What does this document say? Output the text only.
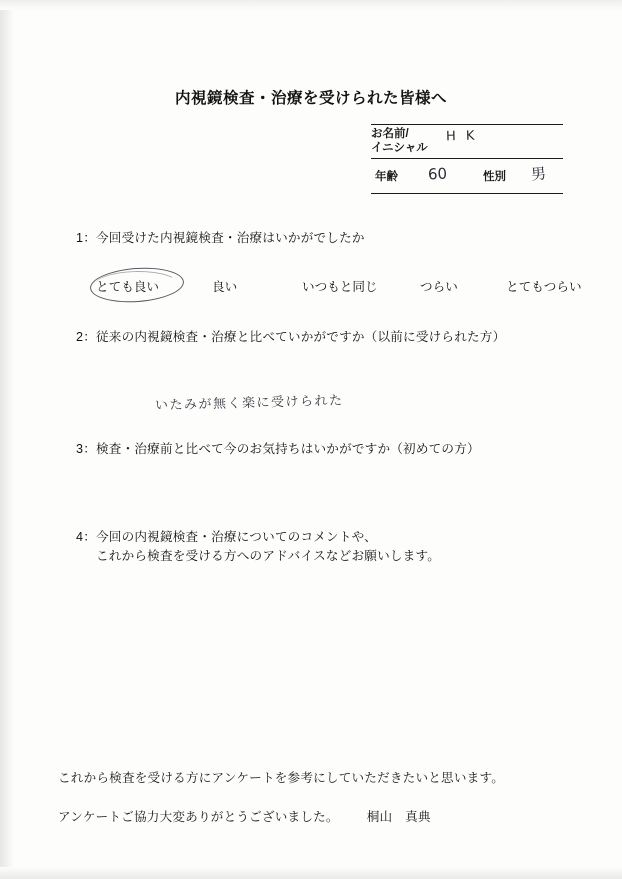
内視鏡検査・治療を受けられた皆様へ
お名前/
イニシャル
H K
年齢 60	性別 男
1：今回受けた内視鏡検査・治療はいかがでしたか
とても良い	良い	いつもと同じ	つらい	とてもつらい
2：従来の内視鏡検査・治療と比べていかがですか（以前に受けられた方）
いたみが無く楽に受けられた
3：検査・治療前と比べて今のお気持ちはいかがですか（初めての方）
4：今回の内視鏡検査・治療についてのコメントや、
これから検査を受ける方へのアドバイスなどお願いします。
これから検査を受ける方にアンケートを参考にしていただきたいと思います。
アンケートご協力大変ありがとうございました。 桐山　真典
